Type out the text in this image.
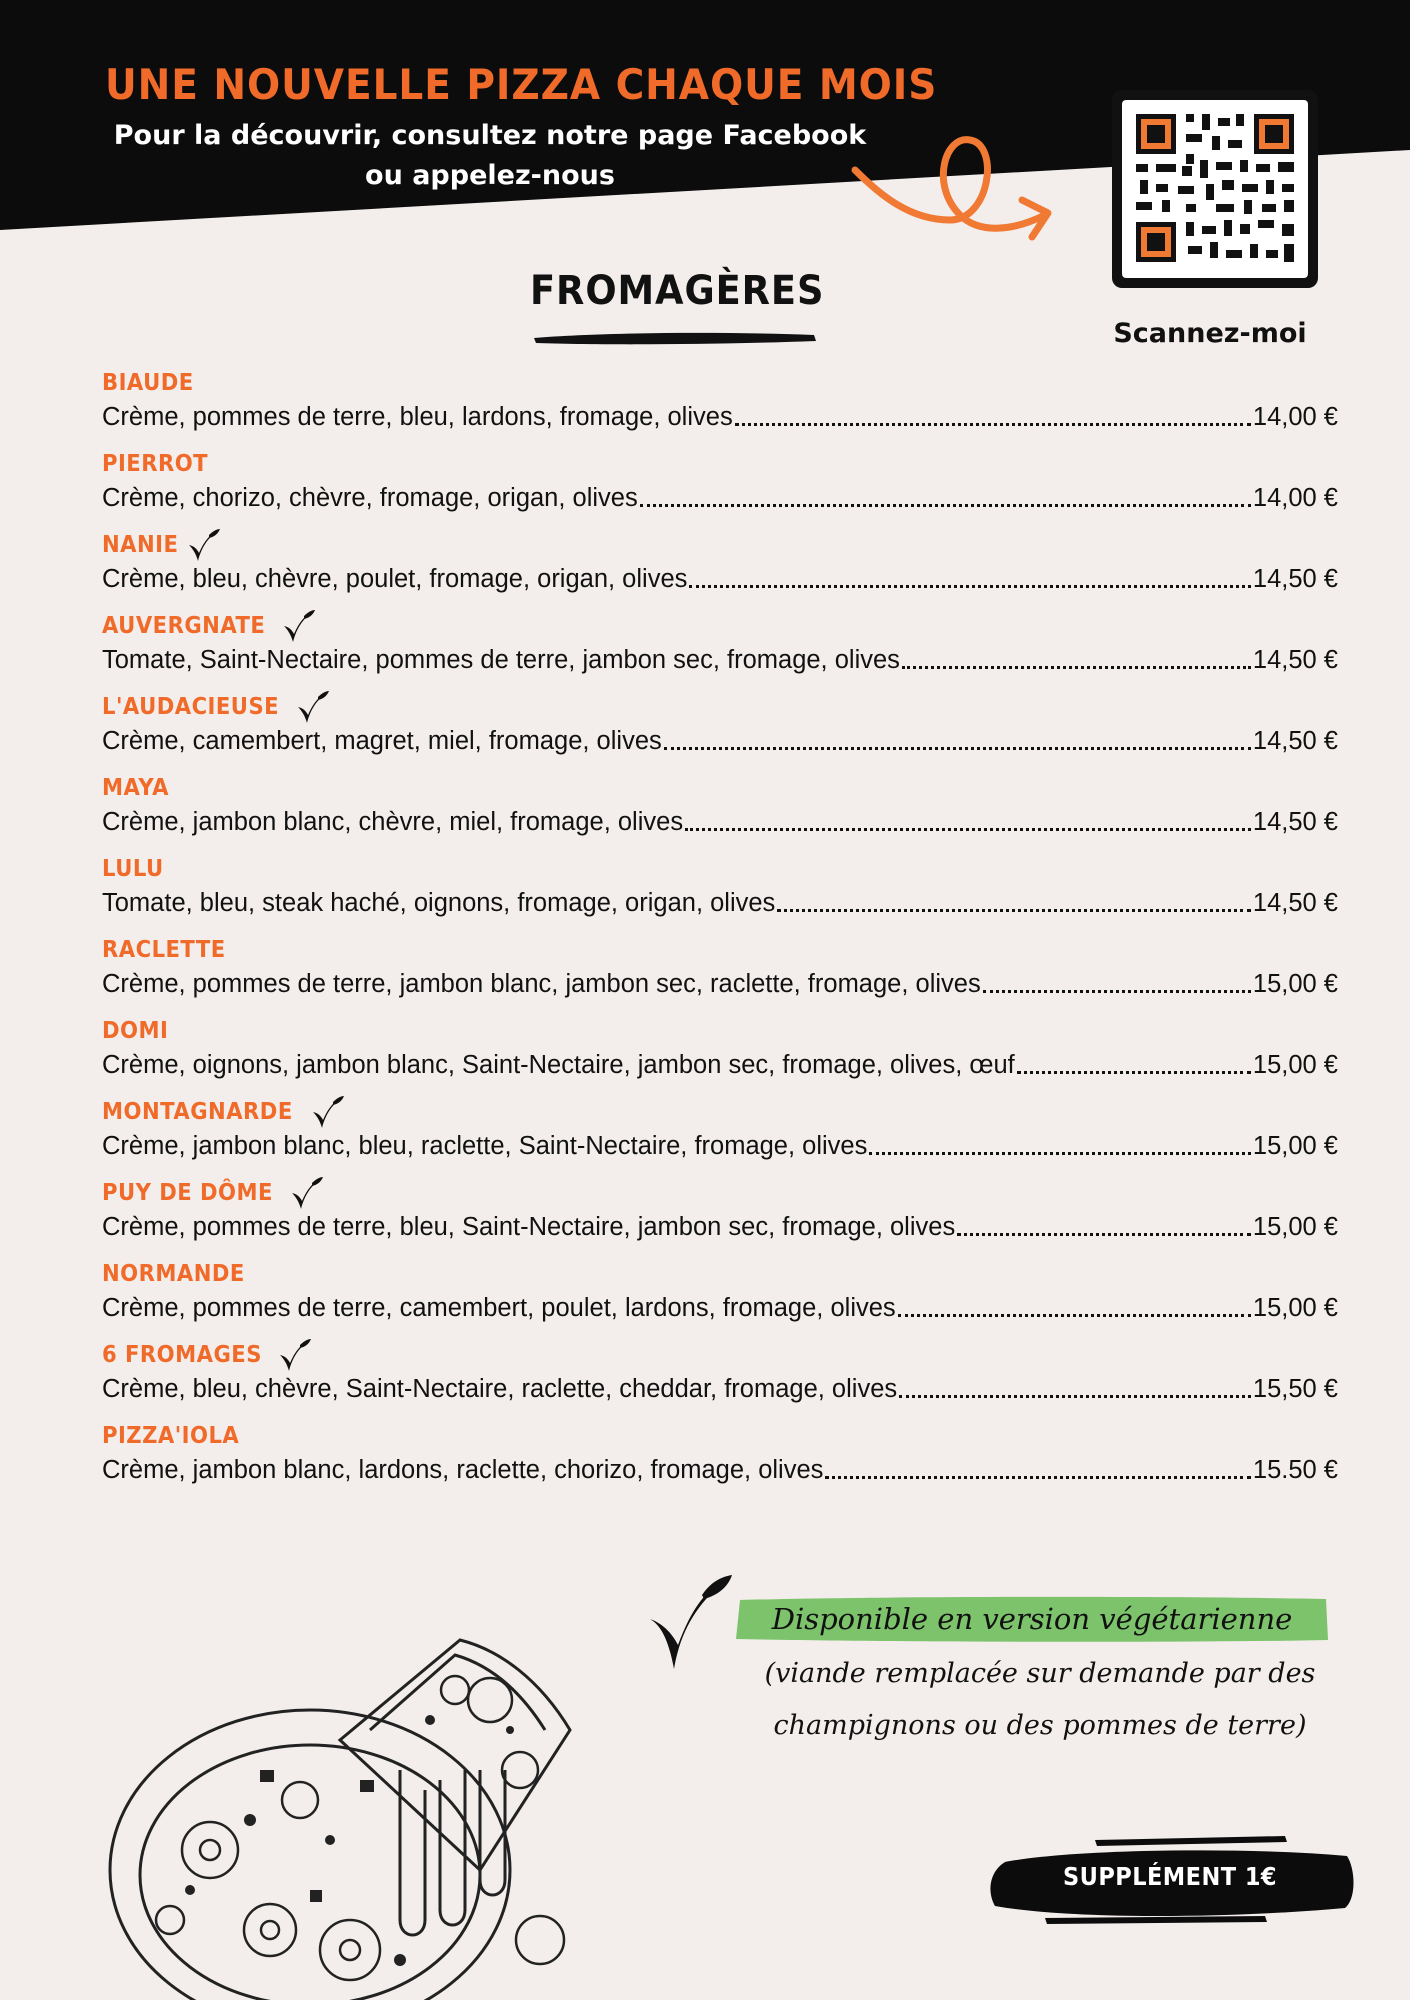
UNE NOUVELLE PIZZA CHAQUE MOIS
Pour la découvrir, consultez notre page Facebook
ou appelez-nous
Scannez-moi
FROMAGÈRES
BIAUDE
Crème, pommes de terre, bleu, lardons, fromage, olives	14,00 €
PIERROT
Crème, chorizo, chèvre, fromage, origan, olives	14,00 €
NANIE
Crème, bleu, chèvre, poulet, fromage, origan, olives	14,50 €
AUVERGNATE
Tomate, Saint-Nectaire, pommes de terre, jambon sec, fromage, olives	14,50 €
L'AUDACIEUSE
Crème, camembert, magret, miel, fromage, olives	14,50 €
MAYA
Crème, jambon blanc, chèvre, miel, fromage, olives	14,50 €
LULU
Tomate, bleu, steak haché, oignons, fromage, origan, olives	14,50 €
RACLETTE
Crème, pommes de terre, jambon blanc, jambon sec, raclette, fromage, olives	15,00 €
DOMI
Crème, oignons, jambon blanc, Saint-Nectaire, jambon sec, fromage, olives, œuf	15,00 €
MONTAGNARDE
Crème, jambon blanc, bleu, raclette, Saint-Nectaire, fromage, olives	15,00 €
PUY DE DÔME
Crème, pommes de terre, bleu, Saint-Nectaire, jambon sec, fromage, olives	15,00 €
NORMANDE
Crème, pommes de terre, camembert, poulet, lardons, fromage, olives	15,00 €
6 FROMAGES
Crème, bleu, chèvre, Saint-Nectaire, raclette, cheddar, fromage, olives	15,50 €
PIZZA'IOLA
Crème, jambon blanc, lardons, raclette, chorizo, fromage, olives	15.50 €
Disponible en version végétarienne
(viande remplacée sur demande par des
champignons ou des pommes de terre)
SUPPLÉMENT 1€
